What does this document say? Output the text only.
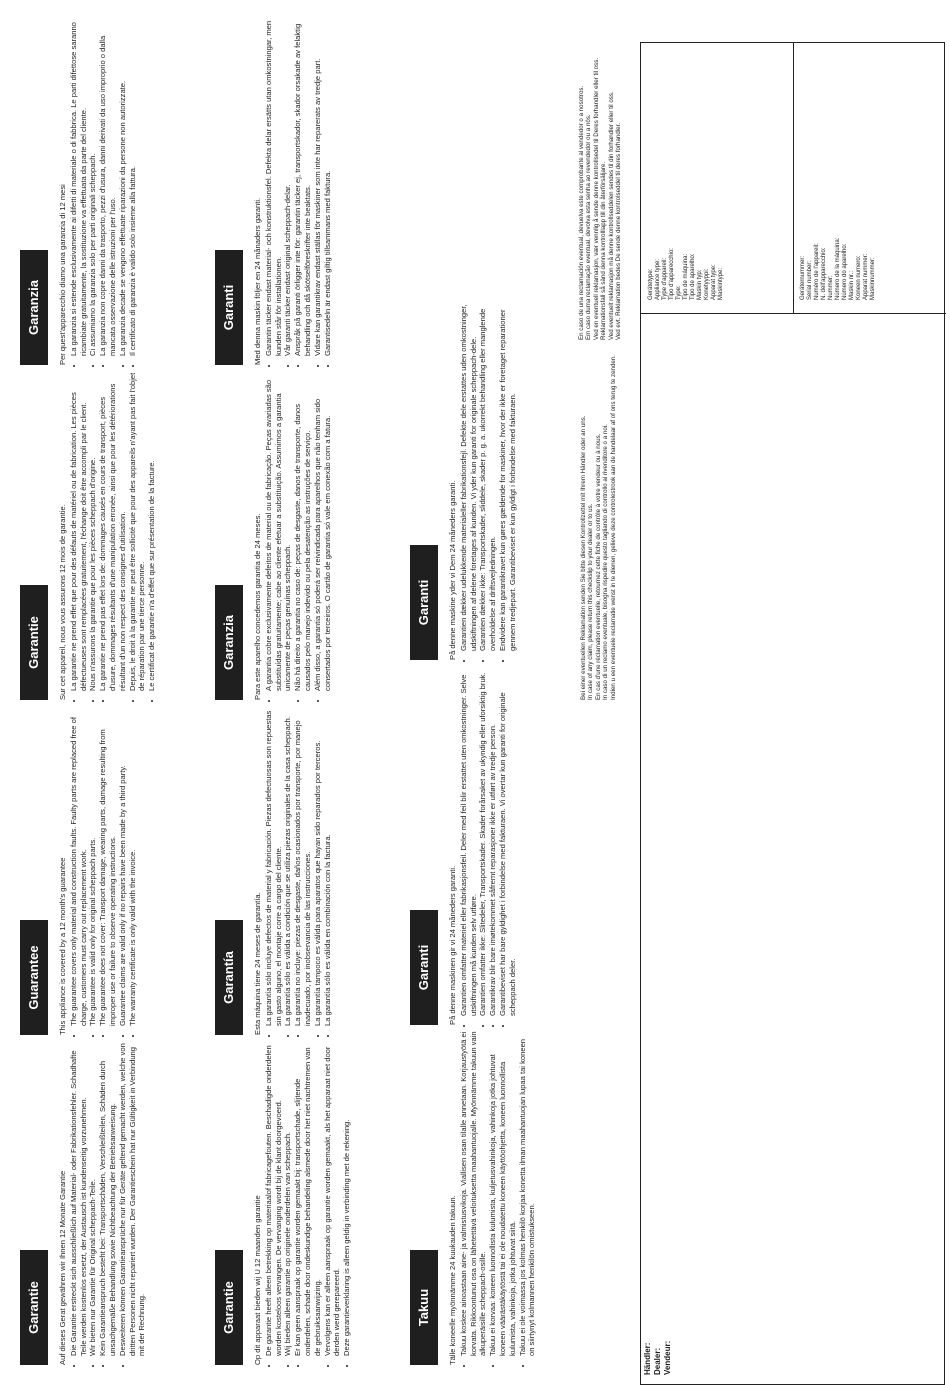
Garantie	Auf dieses Gerat gewähren wir Ihnen 12 Monate Garantie • Die Garantie erstreckt sich ausschließlich auf Material- oder Fabrikationsfehler. Schadhafte Teile werden kostenlos ersetzt, der Austausch ist kundenseitig vorzunehmen. • Wir bieten nur Garantie für Original scheppach-Teile. • Kein Garantieanspruch besteht bei: Transportschäden, Verschleißteilen, Schäden durch unsachgemäße Behandlung sowie Nichtbeachtung der Betriebsanweisung. • Desweiteren können Garantieansprüche nur für Geräte geltend gemacht werden, welche von dritten Personen nicht repariert wurden. Der Garantieschein hat nur Gültigkeit in Verbindung mit der Rechnung.
Guarantee	This appliance is covered by a 12 month's guarantee • The guarantee covers only material and construction faults. Faulty parts are replaced free of charge, customers must carry out replacement work. • The guarantee is valid only for original scheppach parts. • The guarantee does not cover: Transport damage, wearing parts, damage resulting from improper use or failure to observe operating instructions. • Guarantee claims are valid only if no repairs have been made by a third party. • The warranty certificate is only valid with the invoice.
Garantie	Sur cet appareil, nous vous assurons 12 mois de garantie. • La garantie ne prend effet que pour des défauts de matériel ou de fabrication. Les pièces défectueuses sont remplacées gratuitement, l'échange doit être accompli par le client. • Nous n'assurons la garantie que pour les pièces scheppach d'origine. • La garantie ne prend pas effet lors de: dommages causés en cours de transport, pièces d'usure, dommages résultants d'une manipulation erronée, ainsi que pour les détériorations résultant d'un non respect des consignes d'utilisation. • Depuis, le droit à la garantie ne peut être sollicité que pour des appareils n'ayant pas fait l'objet de réparation par une tierce personne. • Le certificat de garantie n'a d'effet que sur présentation de la facture.
Garanzia	Per quest'apparecchio diamo una garanzia di 12 mesi • La garanzia si estende esclusivamente ai difetti di materiale o di fabbrica. Le parti difettose saranno ricambiate gratuitamente, la sostituzione va effettuata da parte del cliente. • Ci assumiamo la garanzia solo per parti originali scheppach. • La garanzia non copre danni da trasporto, pezzi d'usura, danni derivati da uso improprio o dalla mancata osservazione delle istruzioni per l'uso. • La garanzia decade se vengono effettuate riparazioni da persone non autorizzate. • Il certificato di garanzia è valido solo insieme alla fattura.
Garantie	Op dit apparaat bieden wij U 12 maanden garantie • De garantie heeft alleen betrekking op materiaalof fabricagefouten. Beschadigde onderdelen worden kosteloos vervangen. De vervanging wordt bij de klant doorgevoerd. • Wij bieden alleen garantie op originele onderdelen van scheppach. • Er kan geen aanspraak op garantie worden gemaakt bij: transportschade, slijtende onderdelen, schade door ondeskundige behandeling alsmede door het niet nachtremen van de gebruiksaanwijzing. • Vervolgens kan er alleen aanspraak op garantie worden gemaakt, als het apparaat niet door derden werd gerepareerd. • Deze garantieverklaring is alleen geldig in verbinding met de rekening.
Garantía	Esta máquina tiene 24 meses de garantía. • La garantía sólo incluye defectos de material y fabricación. Piezas defectuosas son repuestas sin gasto alguno, el montaje corre a cargo del cliente. • La garantía sólo es válida a condición que se utiliza piezas originales de la casa scheppach. • La garantía no incluye: piezas de desgaste, daños ocasionados por transporte, por manejo inadecuado, por inobservancia de las instrucciones. • La garantía tampoco es válida para aparatos que hayan sido reparados por terceros. • La garantía sólo es válida en combinación con la factura.
Garanzia	Para este aparelho concedemos garantia de 24 meses. • A garantia cobre exclusivamente defeitos de material ou de fabricação. Peças avariadas são substituídas gratuitamente; cabe ao cliente efetuar a substituição. Assumimos a garantia unicamente de peças genuínas scheppach. • Não há direito a garantia no caso de: peças de desgaste, danos de transporte, danos causados pelo manejo indevido ou pela desatenção as instruções de serviço. • Além disso, a garantia só poderá ser reivindicada para aparelhos que não tenham sido consertados por terceiros. O cartão de garantia só vale em conexão com a fatura.
Garanti	Med denna maskin följer en 24 månaders garanti. • Garantin täcker endast material- och konstruktionsfel. Defekta delar ersätts utan omkostningar, men kunden står för installationen. • Vår garanti täcker endast original scheppach-delar. • Anspråk på garanti örligger inte för: garantin täcker ej, transportskador, skador orsakade av felaktig behandling och då skötselföreskrifter inte beaktats. • Vidare kan garantikrav endast ställas för maskiner som inte har reparerats av tredje part. • Garantisedeln är endast giltig tillsammans med faktura.
Takuu	Tälle koneelle myönnämme 24 kuukauden takuun. • Takuu koskee ainoastaan aine- ja valmistusvikoja. Viallisen osan tilalle annetaan. Korjaustyötä ei korvata. Rikkoontunut osa on lähetettävä veloituksetta maahantuojalle. Myönnämme takuun vain alkuperäisille scheppach-osille. • Takuu ei korvaa: koneen luonnollista kulumista, kuljetusvahinkoja, vahinkoja jotka johtuvat koneen väärästäkäytöstä tai ei ole noudatettu koneen käyttöohjetta, koneen luonnollista kulumista, vahinkoja, jotka johtuvat siitä. • Takuu ei ole voimassa jos kolmas henkilö korjaa konetta ilman maahantuojan lupaa tai koneen on siirtynyt kolmannen henkilön omistukseen.
Garanti	På denne maskinen gir vi 24 måneders garanti. • Garantien omfatter materiel eller fabrikasjonsfeil. Deler med feil blir erstattet uten omkostninger. Selve utskiftningen må kunden selv utføre. • Garantien omfatter ikke: Slitedeler, Transportskader. Skader forårsaket av ukyndig eller uforsiktig bruk. • Garantikrav blir bare imøtekommet såfremt reparasjoner ikke er utført av tredje person. • Garantibeviset har bare gyldighet i forbindelse med fakturaen. Vi overtar kun garanti for originale scheppach deler.
Garanti	På denne maskine yder vi Dem 24 måneders garanti. • Garantien dækker udelukkende materialeller fabrikationsfejl. Defekte dele erstattes uden omkostninger, udskiftningen af delene foretages af kunden. Vi yder kun garanti for originale scheppach-dele. • Garantien dækker ikke: Transportskader, sliddele, skader p. g. a. ukorrekt behandling eller manglende overholdelse af driftsvejledningen. • Endvidere kan garantikravet kun gøres gældende for maskiner, hvor der ikke er foretaget reparationer gennem tredjepart. Garantibeviset er kun gyldigt i forbindelse med fakturaen.
Händler: Dealer: Vendeur:
Bei einer eventuellen Reklamation senden Sie bitte diesen Kontrollzettel mit Ihrem Händler oder an uns. In case of any claim, please return this checkslip to your dealer or to us. En cas d'une réclamation eventuelle, retournez cette fiche de contrôle à votre vendeur ou à nous. In caso di un reclamo eventuale, bisogna rispedire questo tagliando di controllo al rivenditore o a noi. Indien u een eventuele reclamatie wenst in te dienen, gelieve deze controlestrook aan de handelaar af of ons terug te zenden.
En caso de una reclamación eventual, devuelva este comprobante al vendedor o a nosotros. Em caso duma reclamação eventual, devolva esta senha ao revendedor ou a nós. Ved en eventuell reklamasjon, vær vennlig å sende denne kontrollsedel til Deres forhandler eller til oss. Reklamationsfall så sänd denna kontrolllapp till din återförsäljare. Ved eventuelt reklamasjon må denne kontrollseddelen sendes til din forhandler eller til oss. Ved evt. Reklamation bedes De sende denne kontrolseddel til deres forhandler.	Gerätetype: Appliance type: Type d'appareil: Tipo d'apparecchio: Type: Tipo de máquina: Tipo de aparelho: Maskin typ: Konetyyppi: Apparat type: Maskintype:	Geräternummer: Serial number: Numéro de l'appareil: N. dell'apparecchio: Nummer: Número de la máquina: Número do aparelho: Maskin nr.: Koneen numero: Apparat nummer: Maskinnummer:
